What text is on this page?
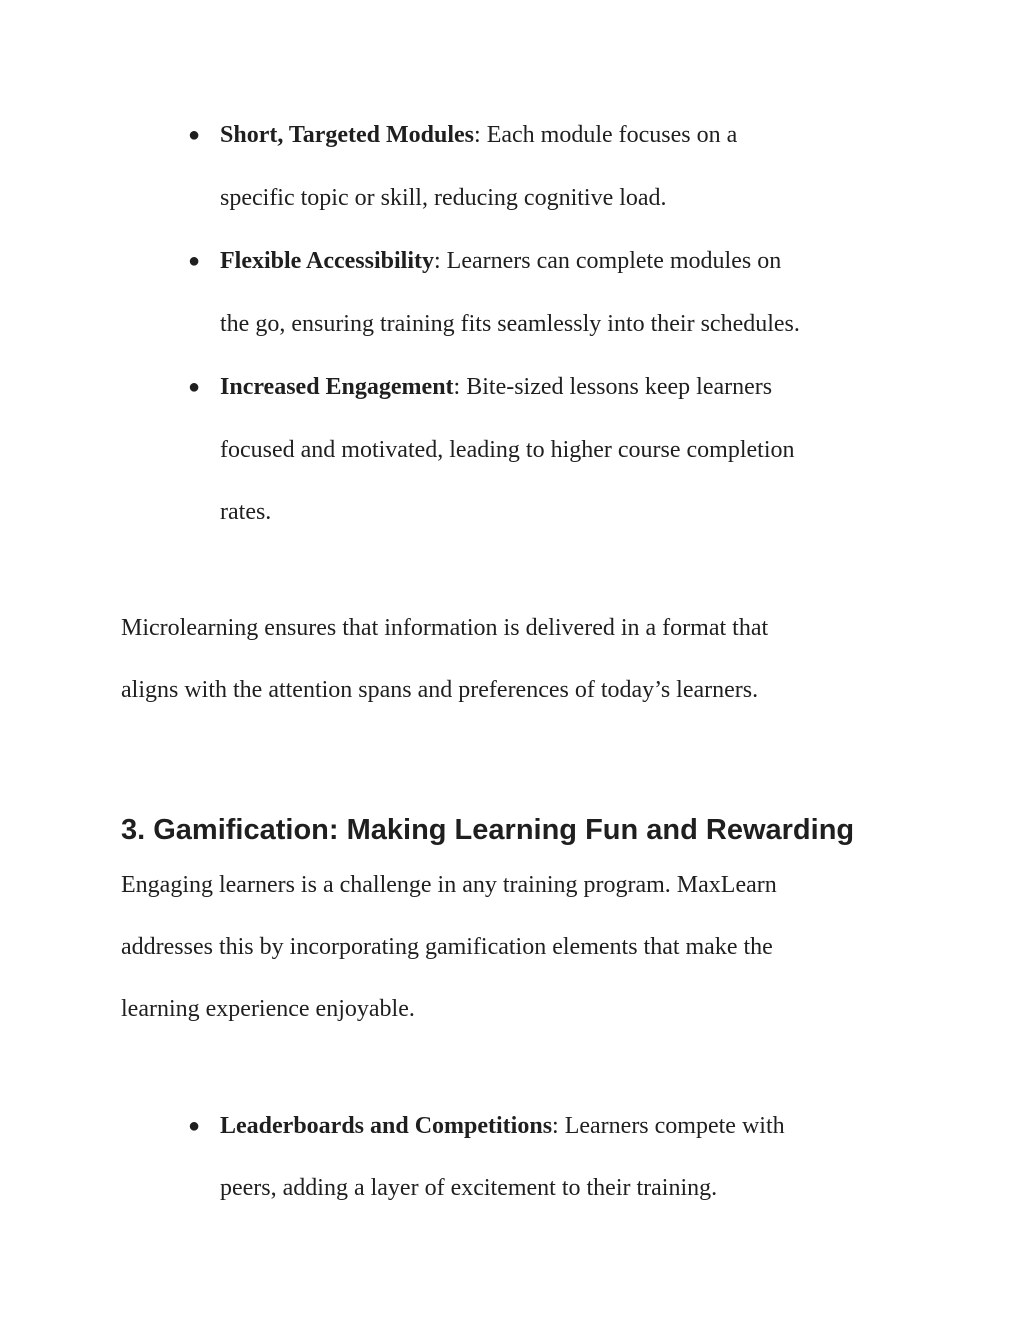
● Short, Targeted Modules: Each module focuses on a
specific topic or skill, reducing cognitive load.
● Flexible Accessibility: Learners can complete modules on
the go, ensuring training fits seamlessly into their schedules.
● Increased Engagement: Bite-sized lessons keep learners
focused and motivated, leading to higher course completion
rates.
Microlearning ensures that information is delivered in a format that
aligns with the attention spans and preferences of today’s learners.
3. Gamification: Making Learning Fun and Rewarding
Engaging learners is a challenge in any training program. MaxLearn
addresses this by incorporating gamification elements that make the
learning experience enjoyable.
● Leaderboards and Competitions: Learners compete with
peers, adding a layer of excitement to their training.
